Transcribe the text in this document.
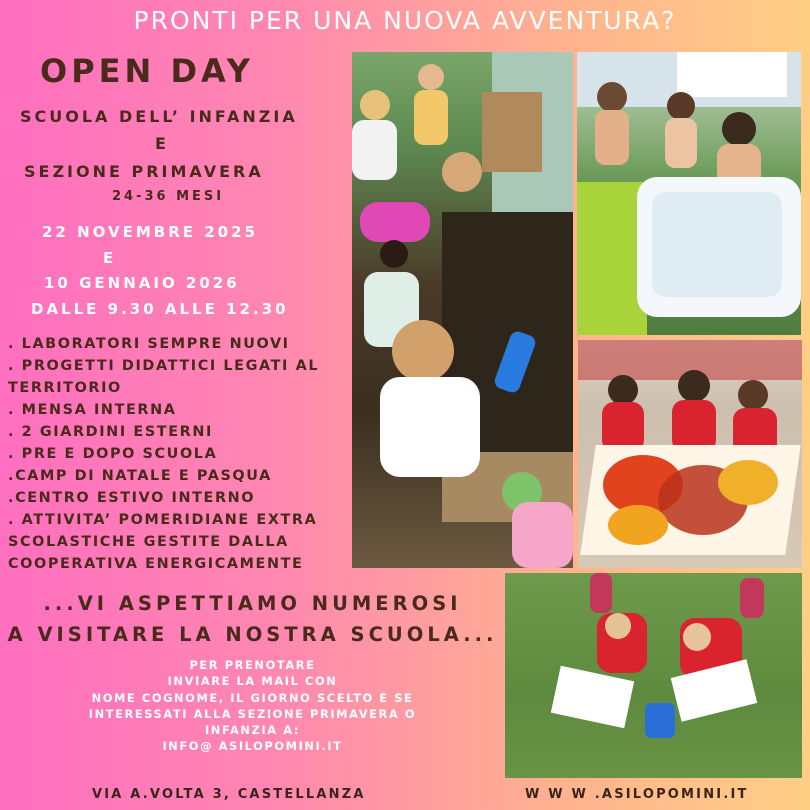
PRONTI PER UNA NUOVA AVVENTURA?
OPEN DAY
SCUOLA DELL’ INFANZIA
E
SEZIONE PRIMAVERA
24-36 MESI
22 NOVEMBRE 2025
E
10 GENNAIO 2026
DALLE 9.30 ALLE 12.30
. LABORATORI SEMPRE NUOVI
. PROGETTI DIDATTICI LEGATI AL
TERRITORIO
. MENSA INTERNA
. 2 GIARDINI ESTERNI
. PRE E DOPO SCUOLA
.CAMP DI NATALE E PASQUA
.CENTRO ESTIVO INTERNO
. ATTIVITA’ POMERIDIANE EXTRA
SCOLASTICHE GESTITE DALLA
COOPERATIVA ENERGICAMENTE
...VI ASPETTIAMO NUMEROSI
A VISITARE LA NOSTRA SCUOLA...
PER PRENOTARE
INVIARE LA MAIL CON
NOME COGNOME, IL GIORNO SCELTO E SE
INTERESSATI ALLA SEZIONE PRIMAVERA O
INFANZIA A:
INFO@ ASILOPOMINI.IT
VIA A.VOLTA 3, CASTELLANZA	W W W .ASILOPOMINI.IT
